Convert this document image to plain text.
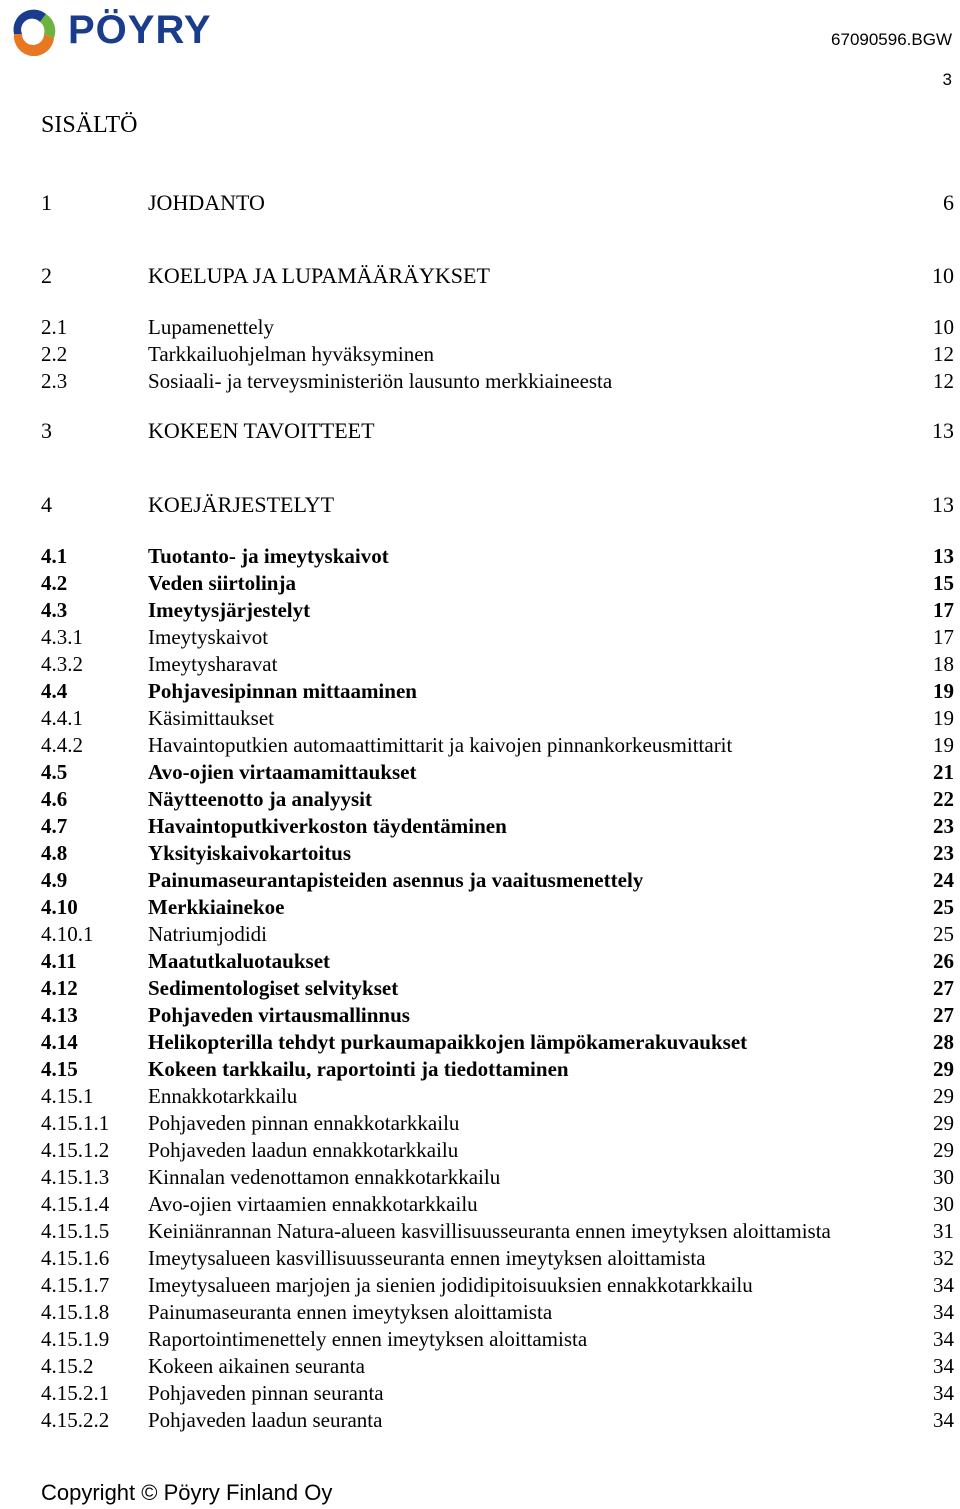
PÖYRY	67090596.BGW
3
SISÄLTÖ
1	JOHDANTO	6
2	KOELUPA JA LUPAMÄÄRÄYKSET	10
2.1	Lupamenettely	10
2.2	Tarkkailuohjelman hyväksyminen	12
2.3	Sosiaali- ja terveysministeriön lausunto merkkiaineesta	12
3	KOKEEN TAVOITTEET	13
4	KOEJÄRJESTELYT	13
4.1	Tuotanto- ja imeytyskaivot	13
4.2	Veden siirtolinja	15
4.3	Imeytysjärjestelyt	17
4.3.1	Imeytyskaivot	17
4.3.2	Imeytysharavat	18
4.4	Pohjavesipinnan mittaaminen	19
4.4.1	Käsimittaukset	19
4.4.2	Havaintoputkien automaattimittarit ja kaivojen pinnankorkeusmittarit	19
4.5	Avo-ojien virtaamamittaukset	21
4.6	Näytteenotto ja analyysit	22
4.7	Havaintoputkiverkoston täydentäminen	23
4.8	Yksityiskaivokartoitus	23
4.9	Painumaseurantapisteiden asennus ja vaaitusmenettely	24
4.10	Merkkiainekoe	25
4.10.1	Natriumjodidi	25
4.11	Maatutkaluotaukset	26
4.12	Sedimentologiset selvitykset	27
4.13	Pohjaveden virtausmallinnus	27
4.14	Helikopterilla tehdyt purkaumapaikkojen lämpökamerakuvaukset	28
4.15	Kokeen tarkkailu, raportointi ja tiedottaminen	29
4.15.1	Ennakkotarkkailu	29
4.15.1.1 Pohjaveden pinnan ennakkotarkkailu	29
4.15.1.2 Pohjaveden laadun ennakkotarkkailu	29
4.15.1.3 Kinnalan vedenottamon ennakkotarkkailu	30
4.15.1.4 Avo-ojien virtaamien ennakkotarkkailu	30
4.15.1.5 Keiniänrannan Natura-alueen kasvillisuusseuranta ennen imeytyksen aloittamista	31
4.15.1.6 Imeytysalueen kasvillisuusseuranta ennen imeytyksen aloittamista	32
4.15.1.7 Imeytysalueen marjojen ja sienien jodidipitoisuuksien ennakkotarkkailu	34
4.15.1.8 Painumaseuranta ennen imeytyksen aloittamista	34
4.15.1.9 Raportointimenettely ennen imeytyksen aloittamista	34
4.15.2	Kokeen aikainen seuranta	34
4.15.2.1 Pohjaveden pinnan seuranta	34
4.15.2.2 Pohjaveden laadun seuranta	34
Copyright © Pöyry Finland Oy
